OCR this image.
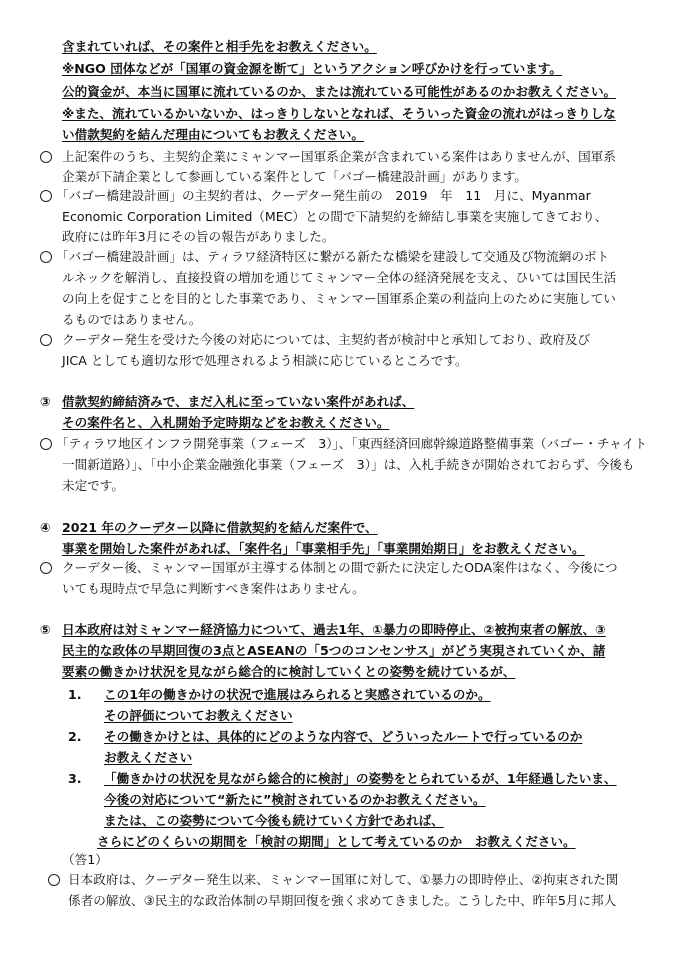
含まれていれば、その案件と相手先をお教えください。
※NGO 団体などが「国軍の資金源を断て」というアクション呼びかけを行っています。
公的資金が、本当に国軍に流れているのか、または流れている可能性があるのかお教えください。
※また、流れているかいないか、はっきりしないとなれば、そういった資金の流れがはっきりしな
い借款契約を結んだ理由についてもお教えください。
上記案件のうち、主契約企業にミャンマー国軍系企業が含まれている案件はありませんが、国軍系
企業が下請企業として参画している案件として「バゴー橋建設計画」があります。
「バゴー橋建設計画」の主契約者は、クーデター発生前の　2019　年　11　月に、Myanmar
Economic Corporation Limited（MEC）との間で下請契約を締結し事業を実施してきており、
政府には昨年3月にその旨の報告がありました。
「バゴー橋建設計画」は、ティラワ経済特区に繋がる新たな橋梁を建設して交通及び物流網のボト
ルネックを解消し、直接投資の増加を通じてミャンマー全体の経済発展を支え、ひいては国民生活
の向上を促すことを目的とした事業であり、ミャンマー国軍系企業の利益向上のために実施してい
るものではありません。
クーデター発生を受けた今後の対応については、主契約者が検討中と承知しており、政府及び
JICA としても適切な形で処理されるよう相談に応じているところです。
③ 借款契約締結済みで、まだ入札に至っていない案件があれば、
その案件名と、入札開始予定時期などをお教えください。
「ティラワ地区インフラ開発事業（フェーズ　3）」、「東西経済回廊幹線道路整備事業（バゴー・チャイト
一間新道路）」、「中小企業金融強化事業（フェーズ　3）」は、入札手続きが開始されておらず、今後も
未定です。
④ 2021 年のクーデター以降に借款契約を結んだ案件で、
事業を開始した案件があれば、「案件名」「事業相手先」「事業開始期日」をお教えください。
クーデター後、ミャンマー国軍が主導する体制との間で新たに決定したODA案件はなく、今後につ
いても現時点で早急に判断すべき案件はありません。
⑤ 日本政府は対ミャンマー経済協力について、過去1年、①暴力の即時停止、②被拘束者の解放、③
民主的な政体の早期回復の3点とASEANの「5つのコンセンサス」がどう実現されていくか、諸
要素の働きかけ状況を見ながら総合的に検討していくとの姿勢を続けているが、
1. この1年の働きかけの状況で進展はみられると実感されているのか。
その評価についてお教えください
2. その働きかけとは、具体的にどのような内容で、どういったルートで行っているのか
お教えください
3. 「働きかけの状況を見ながら総合的に検討」の姿勢をとられているが、1年経過したいま、
今後の対応について“新たに”検討されているのかお教えください。
または、この姿勢について今後も続けていく方針であれば、
さらにどのくらいの期間を「検討の期間」として考えているのか　お教えください。
（答1）
日本政府は、クーデター発生以来、ミャンマー国軍に対して、①暴力の即時停止、②拘束された関
係者の解放、③民主的な政治体制の早期回復を強く求めてきました。こうした中、昨年5月に邦人
